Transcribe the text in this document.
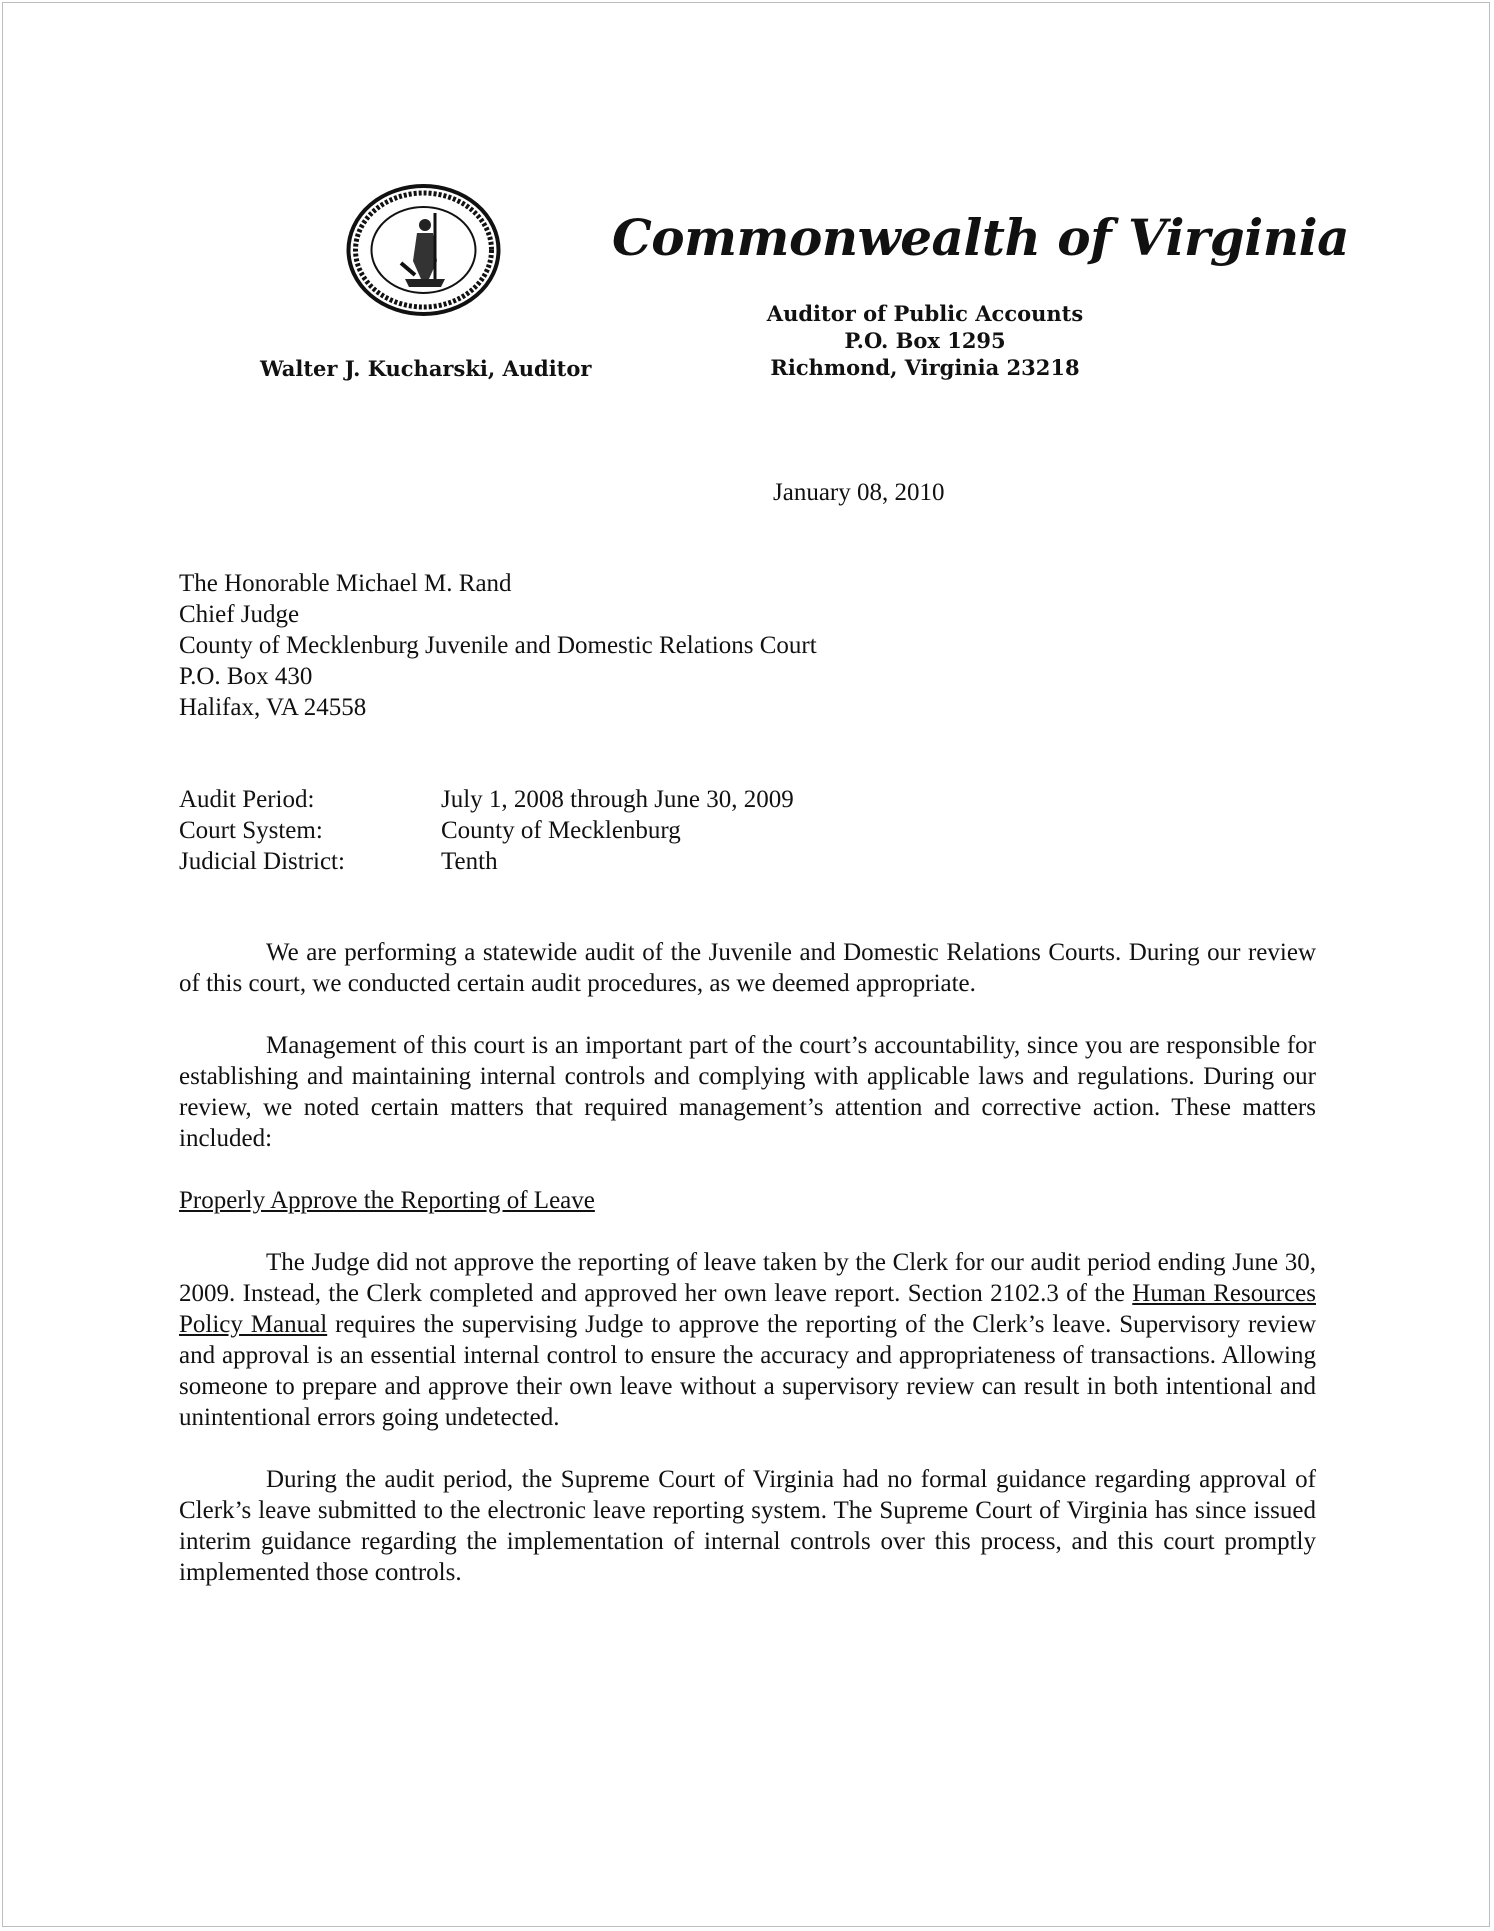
Commonwealth of Virginia
Auditor of Public Accounts
P.O. Box 1295
Richmond, Virginia 23218
Walter J. Kucharski, Auditor
January 08, 2010
The Honorable Michael M. Rand
Chief Judge
County of Mecklenburg Juvenile and Domestic Relations Court
P.O. Box 430
Halifax, VA 24558
Audit Period:	July 1, 2008 through June 30, 2009
Court System:	County of Mecklenburg
Judicial District:	Tenth

We are performing a statewide audit of the Juvenile and Domestic Relations Courts. During our review of this court, we conducted certain audit procedures, as we deemed appropriate.

Management of this court is an important part of the court’s accountability, since you are responsible for establishing and maintaining internal controls and complying with applicable laws and regulations. During our review, we noted certain matters that required management’s attention and corrective action. These matters included:

Properly Approve the Reporting of Leave

The Judge did not approve the reporting of leave taken by the Clerk for our audit period ending June 30, 2009. Instead, the Clerk completed and approved her own leave report. Section 2102.3 of the Human Resources Policy Manual requires the supervising Judge to approve the reporting of the Clerk’s leave. Supervisory review and approval is an essential internal control to ensure the accuracy and appropriateness of transactions. Allowing someone to prepare and approve their own leave without a supervisory review can result in both intentional and unintentional errors going undetected.

During the audit period, the Supreme Court of Virginia had no formal guidance regarding approval of Clerk’s leave submitted to the electronic leave reporting system. The Supreme Court of Virginia has since issued interim guidance regarding the implementation of internal controls over this process, and this court promptly implemented those controls.
